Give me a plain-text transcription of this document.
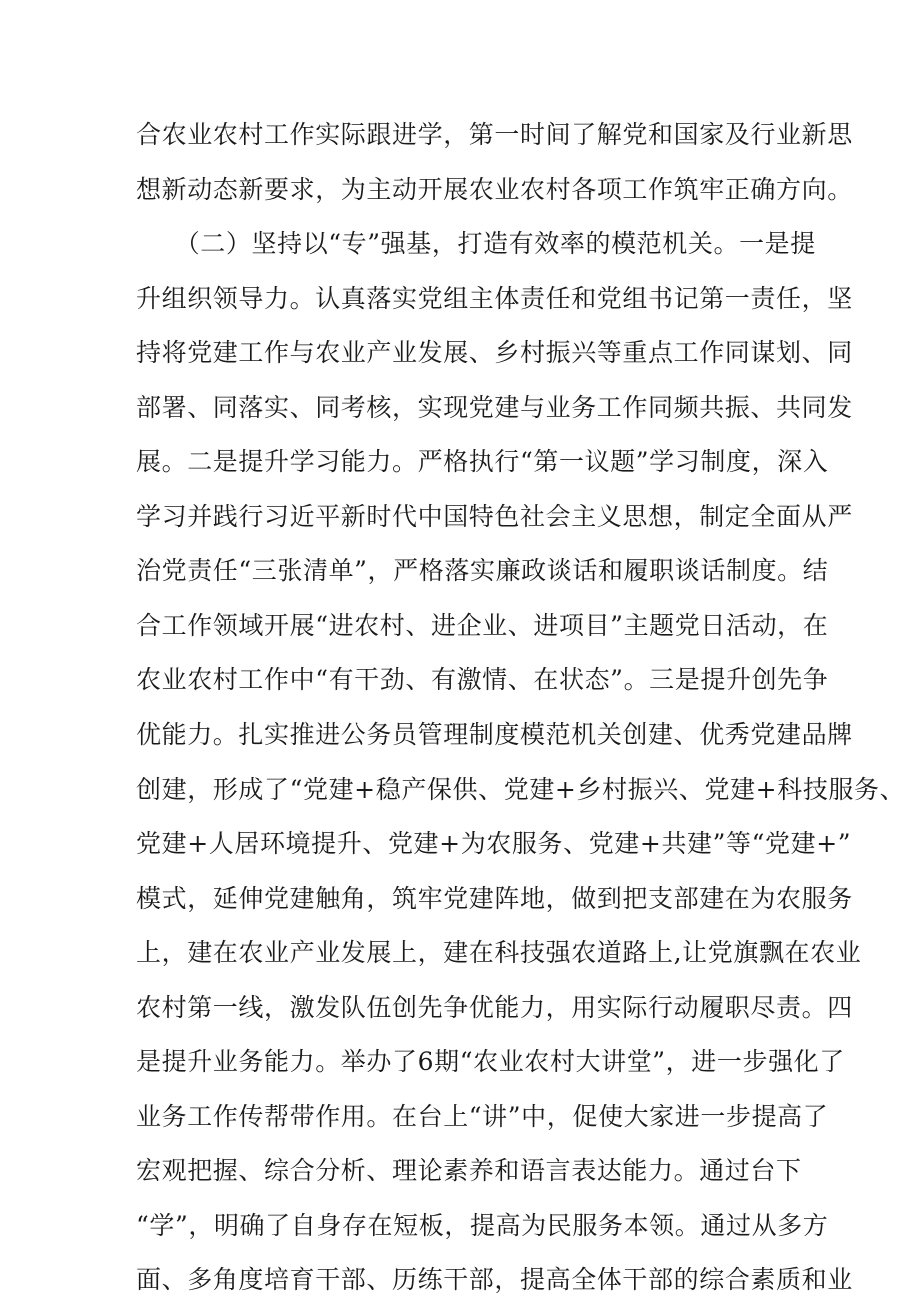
合农业农村工作实际跟进学，第一时间了解党和国家及行业新思
想新动态新要求，为主动开展农业农村各项工作筑牢正确方向。
　　（二）坚持以“专”强基，打造有效率的模范机关。一是提
升组织领导力。认真落实党组主体责任和党组书记第一责任，坚
持将党建工作与农业产业发展、乡村振兴等重点工作同谋划、同
部署、同落实、同考核，实现党建与业务工作同频共振、共同发
展。二是提升学习能力。严格执行“第一议题”学习制度，深入
学习并践行习近平新时代中国特色社会主义思想，制定全面从严
治党责任“三张清单”，严格落实廉政谈话和履职谈话制度。结
合工作领域开展“进农村、进企业、进项目”主题党日活动，在
农业农村工作中“有干劲、有激情、在状态”。三是提升创先争
优能力。扎实推进公务员管理制度模范机关创建、优秀党建品牌
创建，形成了“党建+稳产保供、党建+乡村振兴、党建+科技服务、
党建+人居环境提升、党建+为农服务、党建+共建”等“党建+”
模式，延伸党建触角，筑牢党建阵地，做到把支部建在为农服务
上，建在农业产业发展上，建在科技强农道路上,让党旗飘在农业
农村第一线，激发队伍创先争优能力，用实际行动履职尽责。四
是提升业务能力。举办了6期“农业农村大讲堂”，进一步强化了
业务工作传帮带作用。在台上“讲”中，促使大家进一步提高了
宏观把握、综合分析、理论素养和语言表达能力。通过台下
“学”，明确了自身存在短板，提高为民服务本领。通过从多方
面、多角度培育干部、历练干部，提高全体干部的综合素质和业
